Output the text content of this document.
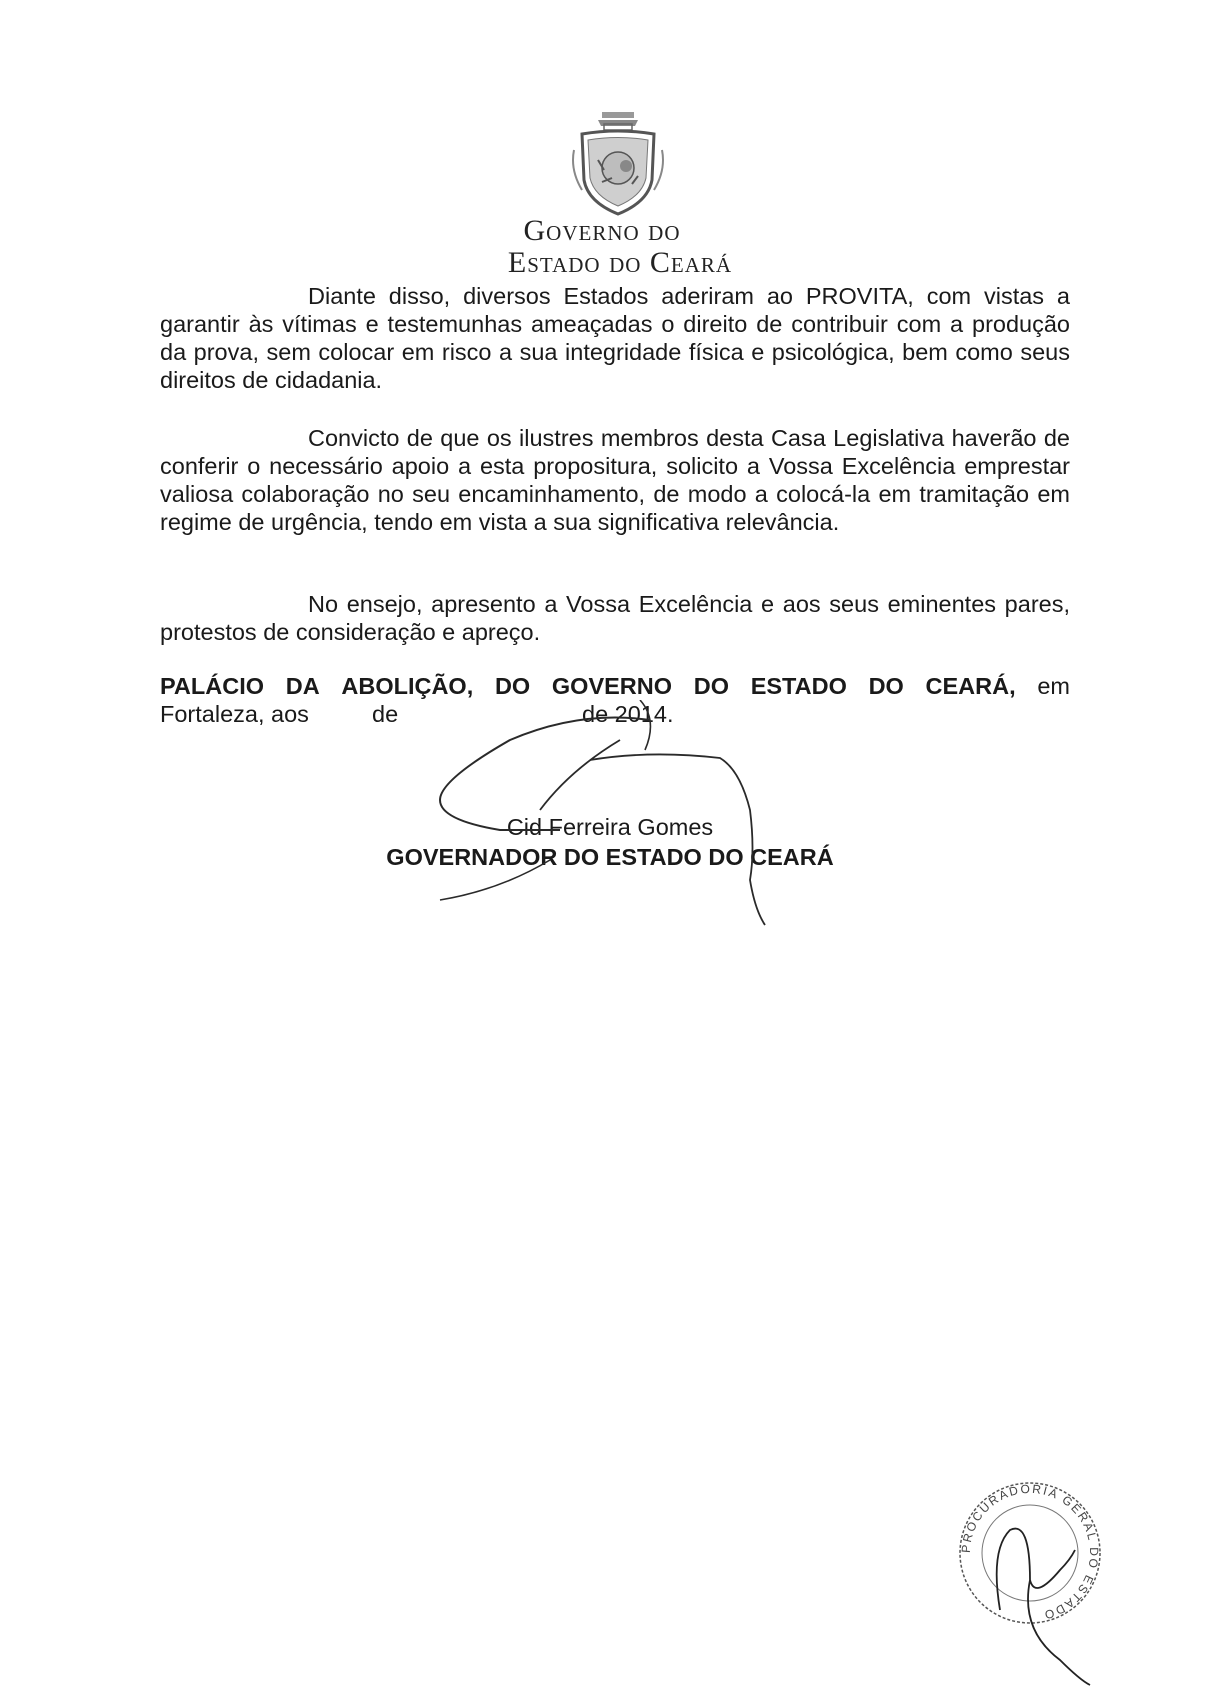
Governo do
Estado do Ceará
Diante disso, diversos Estados aderiram ao PROVITA, com vistas a garantir às vítimas e testemunhas ameaçadas o direito de contribuir com a produção da prova, sem colocar em risco a sua integridade física e psicológica, bem como seus direitos de cidadania.
Convicto de que os ilustres membros desta Casa Legislativa haverão de conferir o necessário apoio a esta propositura, solicito a Vossa Excelência emprestar valiosa colaboração no seu encaminhamento, de modo a colocá-la em tramitação em regime de urgência, tendo em vista a sua significativa relevância.
No ensejo, apresento a Vossa Excelência e aos seus eminentes pares, protestos de consideração e apreço.
PALÁCIO DA ABOLIÇÃO, DO GOVERNO DO ESTADO DO CEARÁ, em
Fortaleza, aos	de	de 2014.
Cid Ferreira Gomes
GOVERNADOR DO ESTADO DO CEARÁ
PROCURADORIA GERAL DO ESTADO
